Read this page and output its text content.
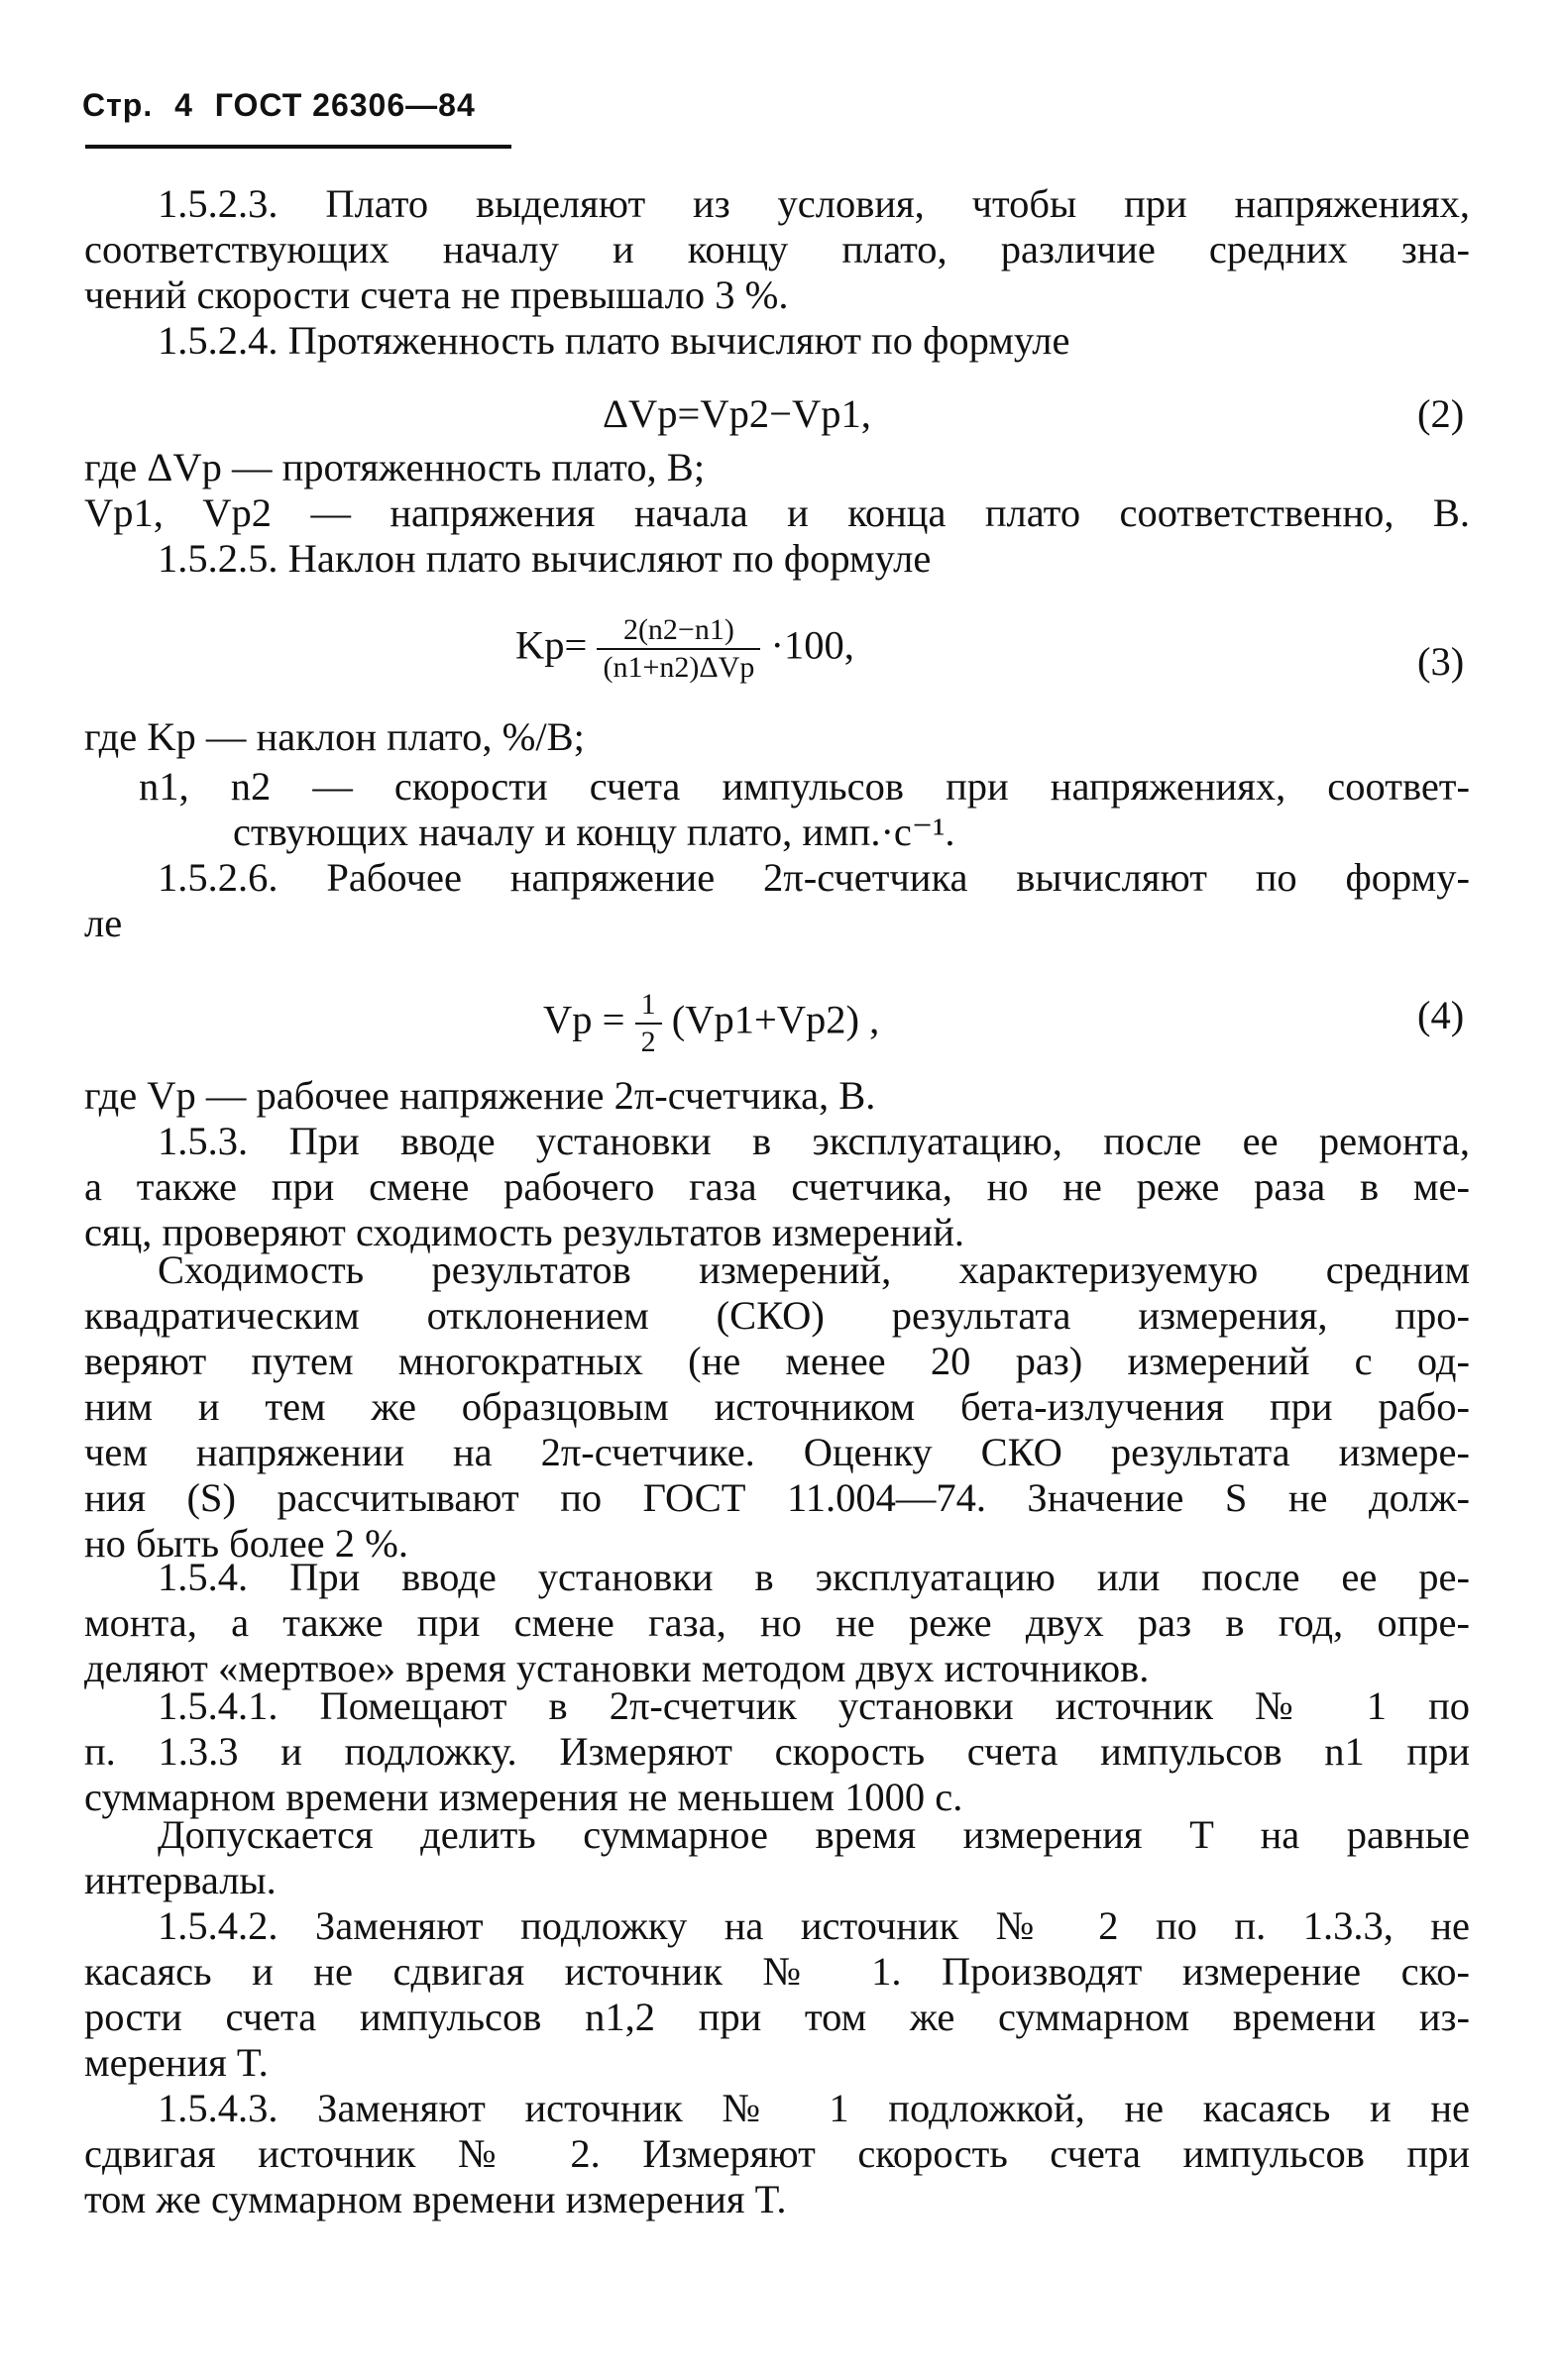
Стр. 4 ГОСТ 26306—84
1.5.2.3. Плато выделяют из условия, чтобы при напряжениях,
соответствующих началу и концу плато, различие средних зна-
чений скорости счета не превышало 3 %.
1.5.2.4. Протяженность плато вычисляют по формуле
ΔVр=Vр2−Vр1,	(2)
где ΔVр — протяженность плато, В;
Vр1, Vр2 — напряжения начала и конца плато соответственно, В.
1.5.2.5. Наклон плато вычисляют по формуле
$Kр= \frac{2(n2-n1)}{\text{(n1+n2)ΔVр}} \cdot 100$,	(3)
где Kр — наклон плато, %/В;
n1, n2 — скорости счета импульсов при напряжениях, соответ-
ствующих началу и концу плато, имп.·с⁻¹.
1.5.2.6. Рабочее напряжение 2π-счетчика вычисляют по форму-
ле
Vр = $\frac{1}{2} (Vр1+Vр2)$ ,	(4)
где Vр — рабочее напряжение 2π-счетчика, В.
1.5.3. При вводе установки в эксплуатацию, после ее ремонта,
а также при смене рабочего газа счетчика, но не реже раза в ме-
сяц, проверяют сходимость результатов измерений.
Сходимость результатов измерений, характеризуемую средним
квадратическим отклонением (СКО) результата измерения, про-
веряют путем многократных (не менее 20 раз) измерений с од-
ним и тем же образцовым источником бета-излучения при рабо-
чем напряжении на 2π-счетчике. Оценку СКО результата измере-
ния (S) рассчитывают по ГОСТ 11.004—74. Значение S не долж-
но быть более 2 %.
1.5.4. При вводе установки в эксплуатацию или после ее ре-
монта, а также при смене газа, но не реже двух раз в год, опре-
деляют «мертвое» время установки методом двух источников.
1.5.4.1. Помещают в 2π-счетчик установки источник № 1 по
п. 1.3.3 и подложку. Измеряют скорость счета импульсов n1 при
суммарном времени измерения не меньшем 1000 с.
Допускается делить суммарное время измерения T на равные
интервалы.
1.5.4.2. Заменяют подложку на источник № 2 по п. 1.3.3, не
касаясь и не сдвигая источник № 1. Производят измерение ско-
рости счета импульсов n1,2 при том же суммарном времени из-
мерения T.
1.5.4.3. Заменяют источник № 1 подложкой, не касаясь и не
сдвигая источник № 2. Измеряют скорость счета импульсов при
том же суммарном времени измерения T.
